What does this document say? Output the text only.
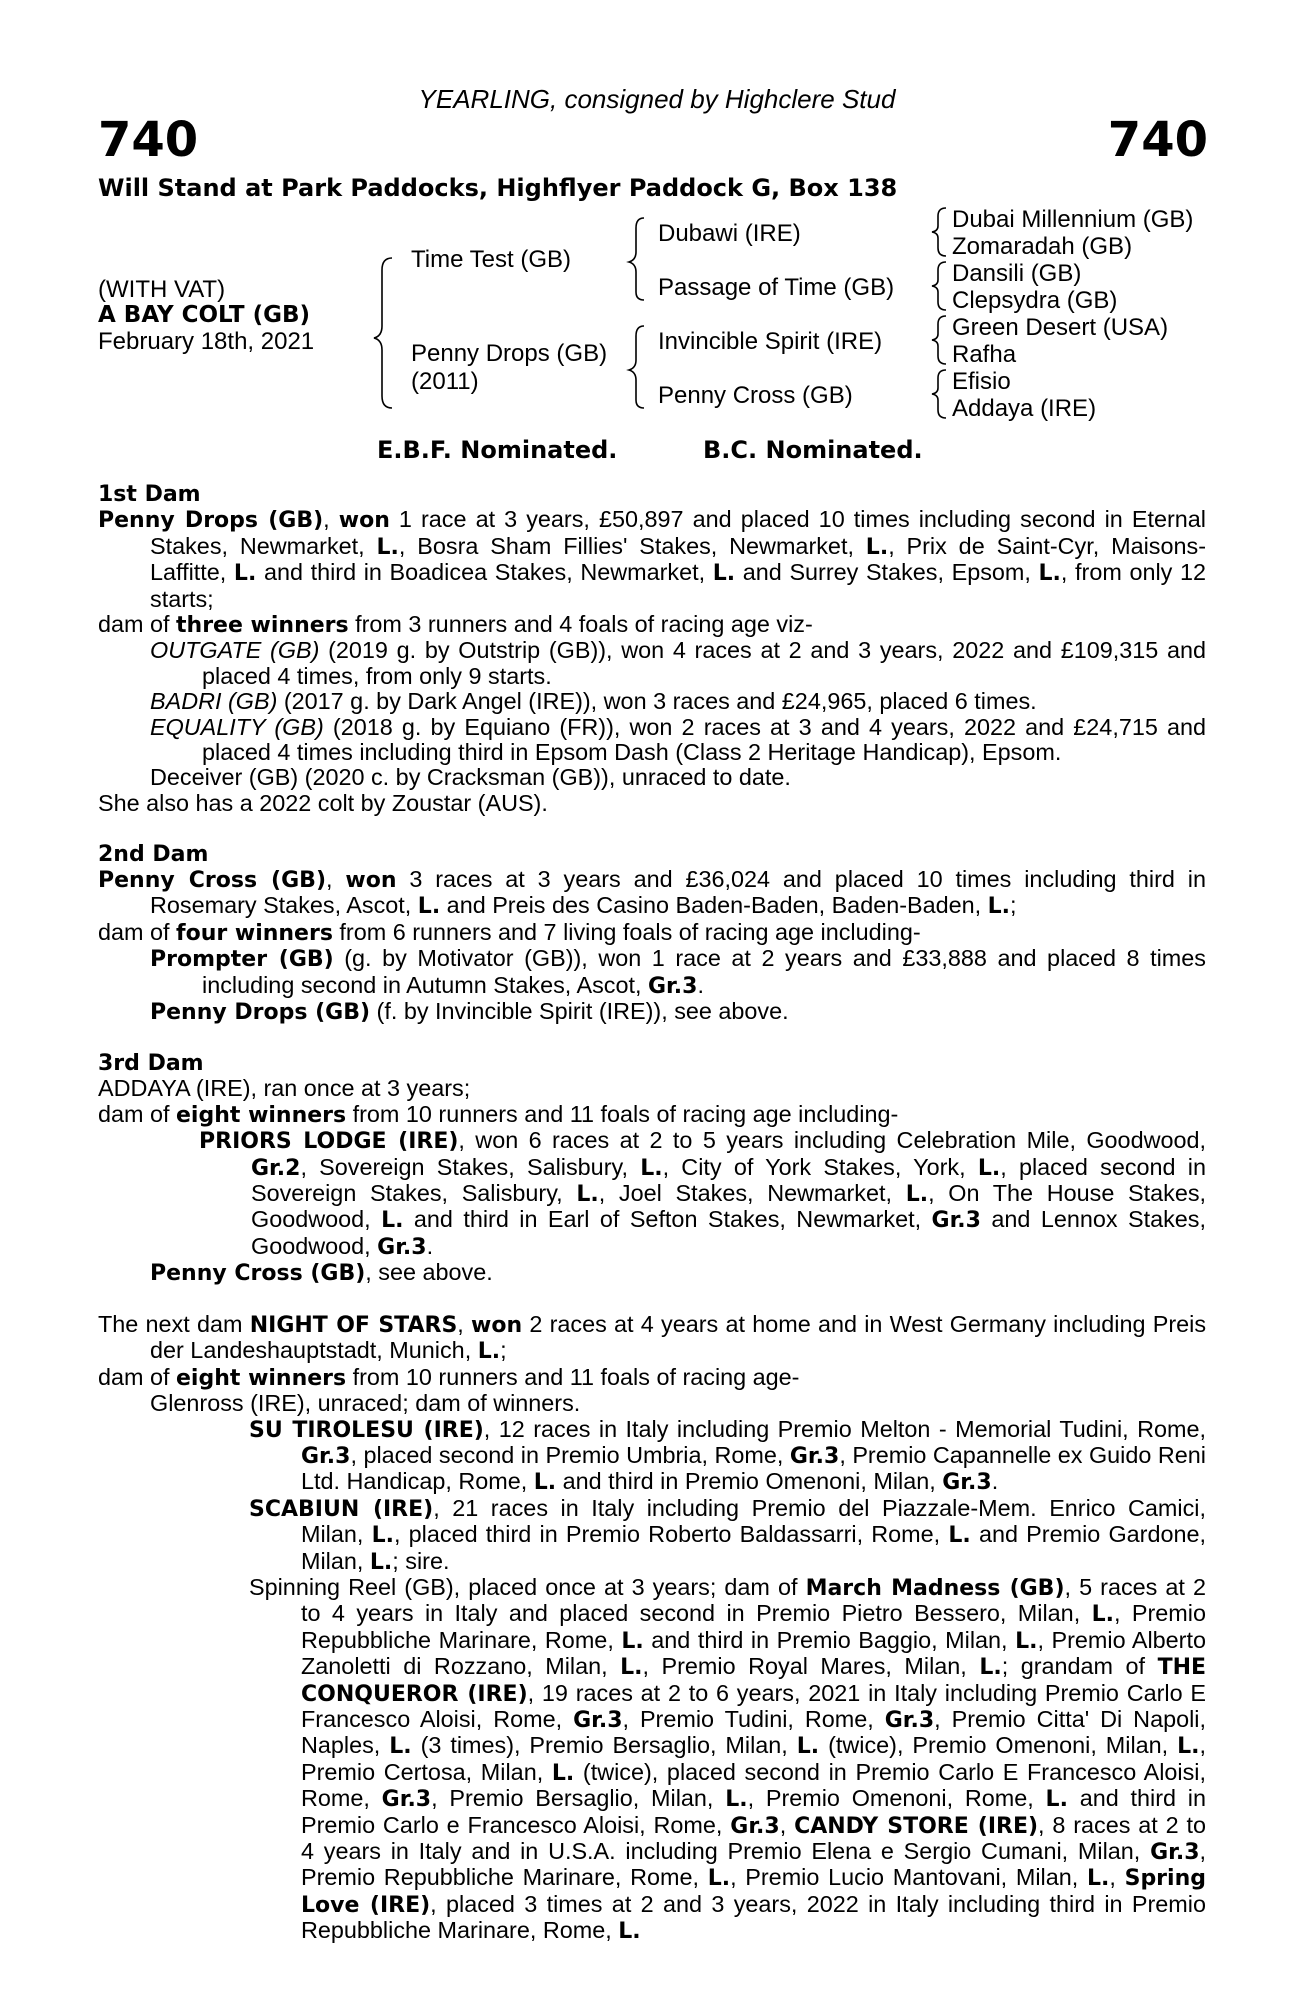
YEARLING, consigned by Highclere Stud
740	740
Will Stand at Park Paddocks, Highflyer Paddock G, Box 138
(WITH VAT)
A BAY COLT (GB)
February 18th, 2021
Time Test (GB)
Penny Drops (GB)
(2011)
Dubawi (IRE)
Passage of Time (GB)
Invincible Spirit (IRE)
Penny Cross (GB)
Dubai Millennium (GB)
Zomaradah (GB)
Dansili (GB)
Clepsydra (GB)
Green Desert (USA)
Rafha
Efisio
Addaya (IRE)
E.B.F. Nominated.	B.C. Nominated.

1st Dam

Penny Drops (GB), won 1 race at 3 years, £50,897 and placed 10 times including second in Eternal Stakes, Newmarket, L., Bosra Sham Fillies' Stakes, Newmarket, L., Prix de Saint-Cyr, Maisons-Laffitte, L. and third in Boadicea Stakes, Newmarket, L. and Surrey Stakes, Epsom, L., from only 12 starts;

dam of three winners from 3 runners and 4 foals of racing age viz-

OUTGATE (GB) (2019 g. by Outstrip (GB)), won 4 races at 2 and 3 years, 2022 and £109,315 and placed 4 times, from only 9 starts.

BADRI (GB) (2017 g. by Dark Angel (IRE)), won 3 races and £24,965, placed 6 times.

EQUALITY (GB) (2018 g. by Equiano (FR)), won 2 races at 3 and 4 years, 2022 and £24,715 and placed 4 times including third in Epsom Dash (Class 2 Heritage Handicap), Epsom.

Deceiver (GB) (2020 c. by Cracksman (GB)), unraced to date.

She also has a 2022 colt by Zoustar (AUS).

2nd Dam

Penny Cross (GB), won 3 races at 3 years and £36,024 and placed 10 times including third in Rosemary Stakes, Ascot, L. and Preis des Casino Baden-Baden, Baden-Baden, L.;

dam of four winners from 6 runners and 7 living foals of racing age including-

Prompter (GB) (g. by Motivator (GB)), won 1 race at 2 years and £33,888 and placed 8 times including second in Autumn Stakes, Ascot, Gr.3.

Penny Drops (GB) (f. by Invincible Spirit (IRE)), see above.

3rd Dam

ADDAYA (IRE), ran once at 3 years;

dam of eight winners from 10 runners and 11 foals of racing age including-

PRIORS LODGE (IRE), won 6 races at 2 to 5 years including Celebration Mile, Goodwood, Gr.2, Sovereign Stakes, Salisbury, L., City of York Stakes, York, L., placed second in Sovereign Stakes, Salisbury, L., Joel Stakes, Newmarket, L., On The House Stakes, Goodwood, L. and third in Earl of Sefton Stakes, Newmarket, Gr.3 and Lennox Stakes, Goodwood, Gr.3.

Penny Cross (GB), see above.

The next dam NIGHT OF STARS, won 2 races at 4 years at home and in West Germany including Preis der Landeshauptstadt, Munich, L.;

dam of eight winners from 10 runners and 11 foals of racing age-

Glenross (IRE), unraced; dam of winners.

SU TIROLESU (IRE), 12 races in Italy including Premio Melton - Memorial Tudini, Rome, Gr.3, placed second in Premio Umbria, Rome, Gr.3, Premio Capannelle ex Guido Reni Ltd. Handicap, Rome, L. and third in Premio Omenoni, Milan, Gr.3.

SCABIUN (IRE), 21 races in Italy including Premio del Piazzale-Mem. Enrico Camici, Milan, L., placed third in Premio Roberto Baldassarri, Rome, L. and Premio Gardone, Milan, L.; sire.

Spinning Reel (GB), placed once at 3 years; dam of March Madness (GB), 5 races at 2 to 4 years in Italy and placed second in Premio Pietro Bessero, Milan, L., Premio Repubbliche Marinare, Rome, L. and third in Premio Baggio, Milan, L., Premio Alberto Zanoletti di Rozzano, Milan, L., Premio Royal Mares, Milan, L.; grandam of THE CONQUEROR (IRE), 19 races at 2 to 6 years, 2021 in Italy including Premio Carlo E Francesco Aloisi, Rome, Gr.3, Premio Tudini, Rome, Gr.3, Premio Citta' Di Napoli, Naples, L. (3 times), Premio Bersaglio, Milan, L. (twice), Premio Omenoni, Milan, L., Premio Certosa, Milan, L. (twice), placed second in Premio Carlo E Francesco Aloisi, Rome, Gr.3, Premio Bersaglio, Milan, L., Premio Omenoni, Rome, L. and third in Premio Carlo e Francesco Aloisi, Rome, Gr.3, CANDY STORE (IRE), 8 races at 2 to 4 years in Italy and in U.S.A. including Premio Elena e Sergio Cumani, Milan, Gr.3, Premio Repubbliche Marinare, Rome, L., Premio Lucio Mantovani, Milan, L., Spring Love (IRE), placed 3 times at 2 and 3 years, 2022 in Italy including third in Premio Repubbliche Marinare, Rome, L.
